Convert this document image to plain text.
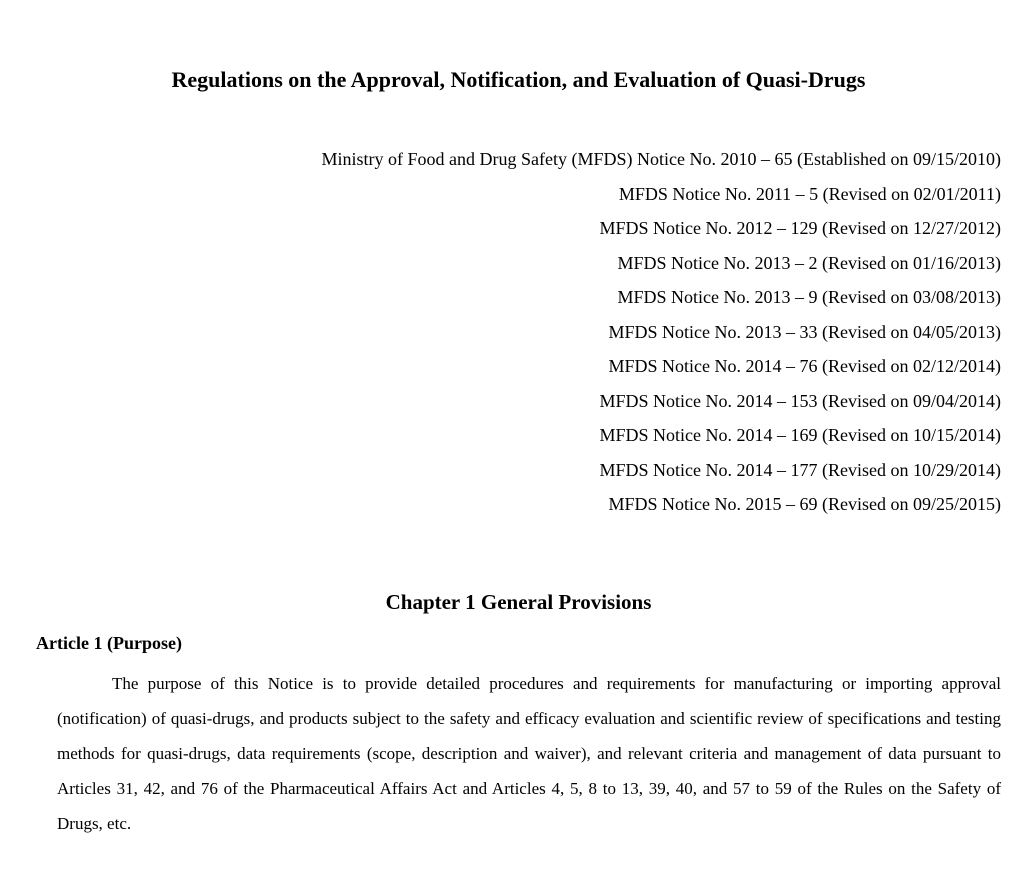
Regulations on the Approval, Notification, and Evaluation of Quasi-Drugs
Ministry of Food and Drug Safety (MFDS) Notice No. 2010 – 65 (Established on 09/15/2010)
MFDS Notice No. 2011 – 5 (Revised on 02/01/2011)
MFDS Notice No. 2012 – 129 (Revised on 12/27/2012)
MFDS Notice No. 2013 – 2 (Revised on 01/16/2013)
MFDS Notice No. 2013 – 9 (Revised on 03/08/2013)
MFDS Notice No. 2013 – 33 (Revised on 04/05/2013)
MFDS Notice No. 2014 – 76 (Revised on 02/12/2014)
MFDS Notice No. 2014 – 153 (Revised on 09/04/2014)
MFDS Notice No. 2014 – 169 (Revised on 10/15/2014)
MFDS Notice No. 2014 – 177 (Revised on 10/29/2014)
MFDS Notice No. 2015 – 69 (Revised on 09/25/2015)
Chapter 1 General Provisions
Article 1 (Purpose)

The purpose of this Notice is to provide detailed procedures and requirements for manufacturing or importing approval (notification) of quasi-drugs, and products subject to the safety and efficacy evaluation and scientific review of specifications and testing methods for quasi-drugs, data requirements (scope, description and waiver), and relevant criteria and management of data pursuant to Articles 31, 42, and 76 of the Pharmaceutical Affairs Act and Articles 4, 5, 8 to 13, 39, 40, and 57 to 59 of the Rules on the Safety of Drugs, etc.
